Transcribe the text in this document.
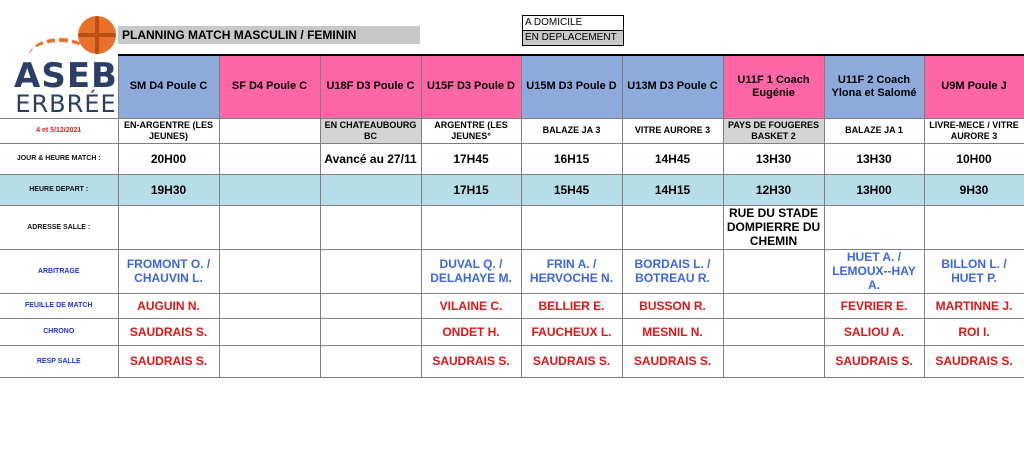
ASEB
ERBRÉE
PLANNING MATCH MASCULIN / FEMININ
A DOMICILE
EN DEPLACEMENT
	SM D4 Poule C	SF D4 Poule C	U18F D3 Poule C	U15F D3 Poule D	U15M D3 Poule D	U13M D3 Poule C	U11F 1 Coach Eugénie	U11F 2 Coach Ylona et Salomé	U9M Poule J
4 et 5/12/2021	EN-ARGENTRE (LES JEUNES)		EN CHATEAUBOURG BC	ARGENTRE (LES JEUNES°	BALAZE JA 3	VITRE AURORE 3	PAYS DE FOUGERES BASKET 2	BALAZE JA 1	LIVRE-MECE / VITRE AURORE 3
JOUR & HEURE MATCH :	20H00		Avancé au 27/11	17H45	16H15	14H45	13H30	13H30	10H00
HEURE DEPART :	19H30			17H15	15H45	14H15	12H30	13H00	9H30
ADRESSE SALLE :							RUE DU STADE DOMPIERRE DU CHEMIN		
ARBITRAGE	FROMONT O. / CHAUVIN L.			DUVAL Q. / DELAHAYE M.	FRIN A. / HERVOCHE N.	BORDAIS L. / BOTREAU R.		HUET A. / LEMOUX--HAY A.	BILLON L. / HUET P.
FEUILLE DE MATCH	AUGUIN N.			VILAINE C.	BELLIER E.	BUSSON R.		FEVRIER E.	MARTINNE J.
CHRONO	SAUDRAIS S.			ONDET H.	FAUCHEUX L.	MESNIL N.		SALIOU A.	ROI I.
RESP SALLE	SAUDRAIS S.			SAUDRAIS S.	SAUDRAIS S.	SAUDRAIS S.		SAUDRAIS S.	SAUDRAIS S.
